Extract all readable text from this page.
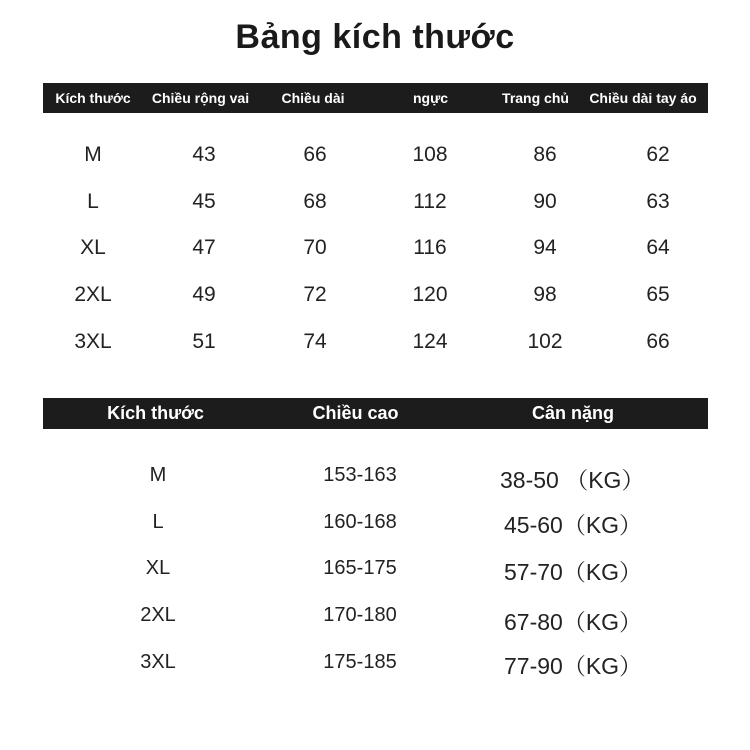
Bảng kích thước
Kích thước	Chiều rộng vai	Chiều dài	ngực	Trang chủ	Chiều dài tay áo
M	43	66	108	86	62
L	45	68	112	90	63
XL	47	70	116	94	64
2XL	49	72	120	98	65
3XL	51	74	124	102	66
Kích thước	Chiều cao	Cân nặng
M	153-163	38-50 （KG）
L	160-168	45-60（KG）
XL	165-175	57-70（KG）
2XL	170-180	67-80（KG）
3XL	175-185	77-90（KG）
